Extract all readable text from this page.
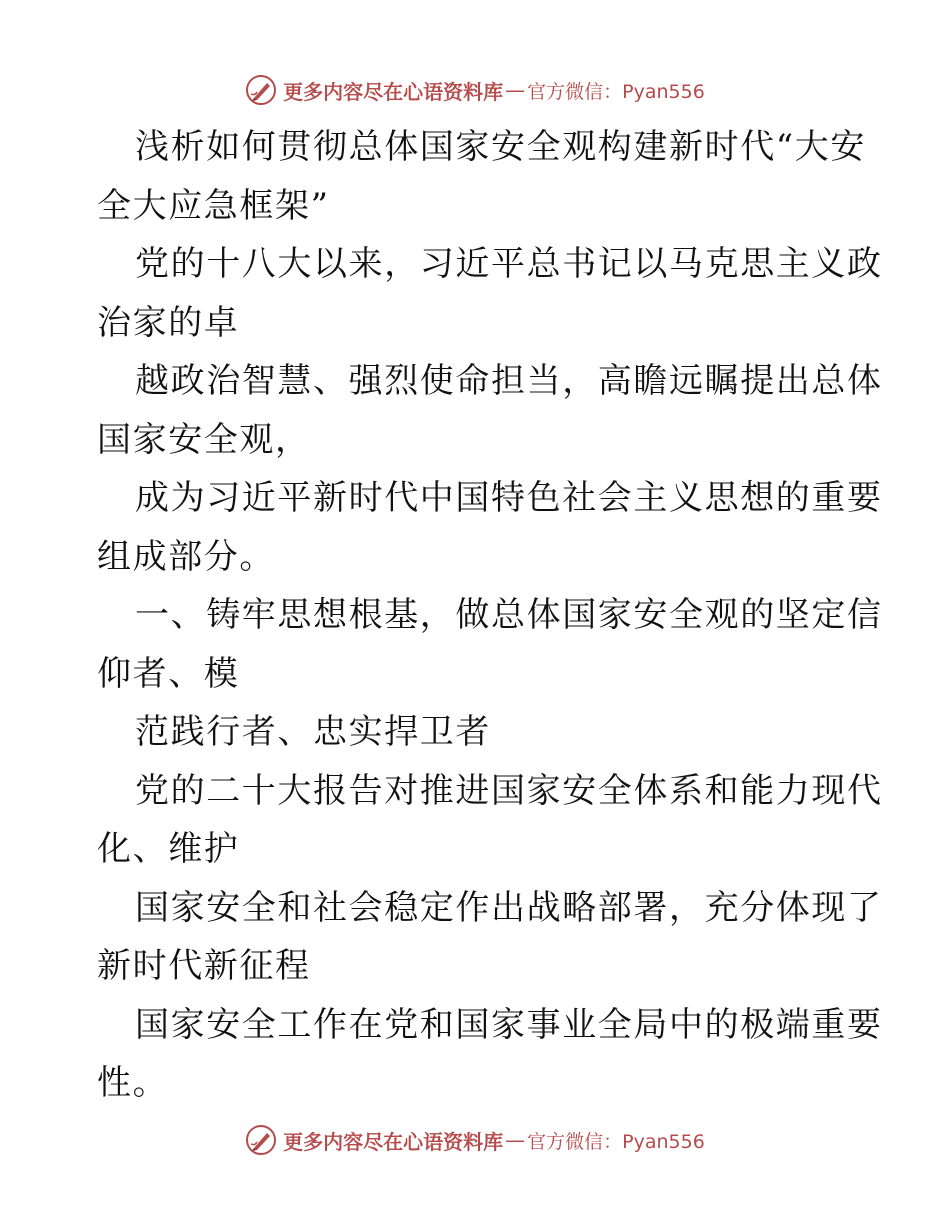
更多内容尽在心语资料库 — 官方微信：Pyan556
浅析如何贯彻总体国家安全观构建新时代“大安
全大应急框架”
党的十八大以来，习近平总书记以马克思主义政
治家的卓
越政治智慧、强烈使命担当，高瞻远瞩提出总体
国家安全观，
成为习近平新时代中国特色社会主义思想的重要
组成部分。
一、铸牢思想根基，做总体国家安全观的坚定信
仰者、模
范践行者、忠实捍卫者
党的二十大报告对推进国家安全体系和能力现代
化、维护
国家安全和社会稳定作出战略部署，充分体现了
新时代新征程
国家安全工作在党和国家事业全局中的极端重要
性。
更多内容尽在心语资料库 — 官方微信：Pyan556
